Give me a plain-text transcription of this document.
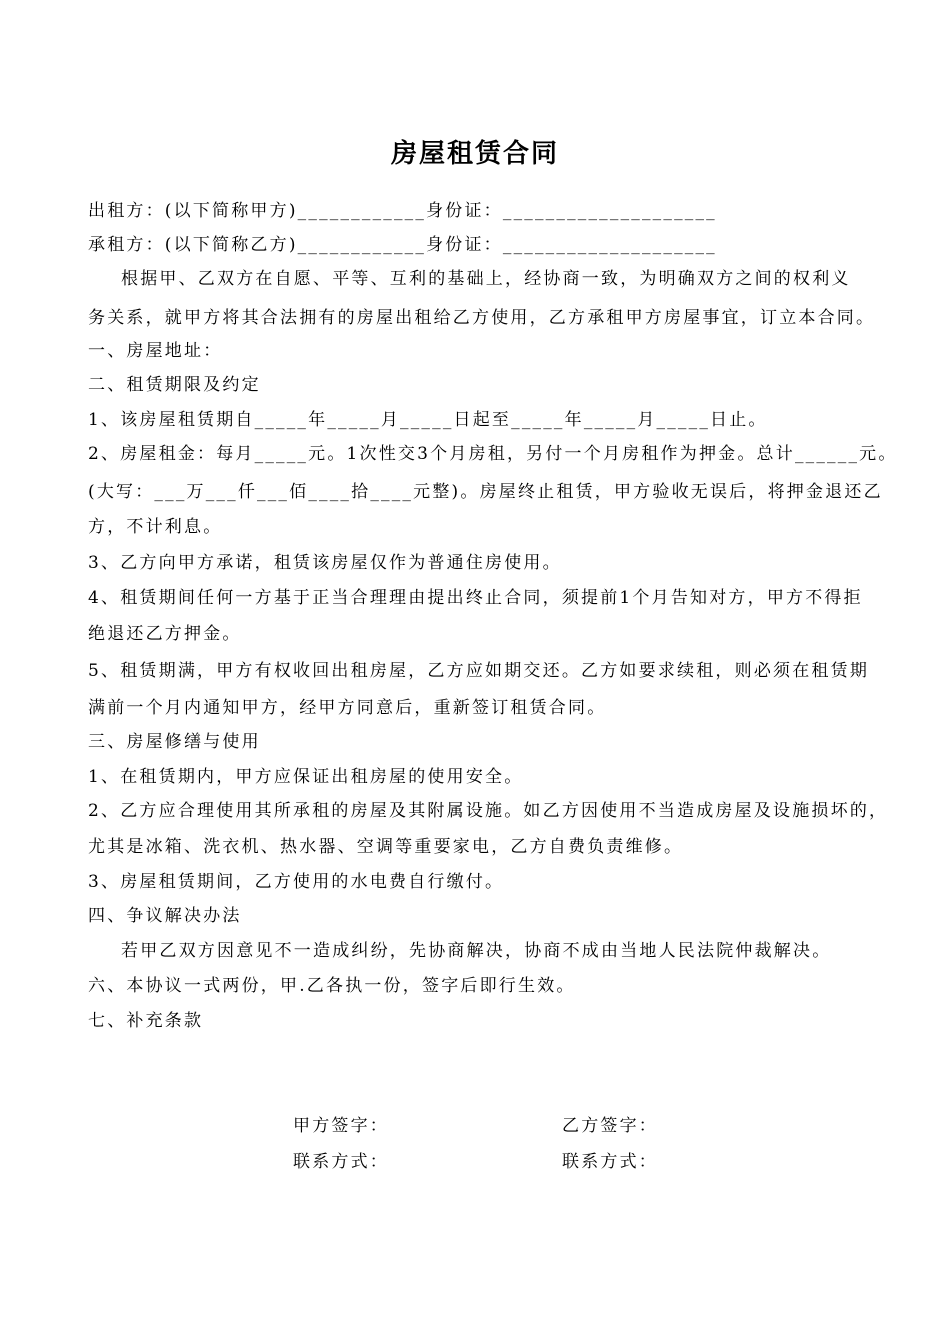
房屋租赁合同
出租方：(以下简称甲方)____________身份证：____________________
承租方：(以下简称乙方)____________身份证：____________________
根据甲、乙双方在自愿、平等、互利的基础上，经协商一致，为明确双方之间的权利义
务关系，就甲方将其合法拥有的房屋出租给乙方使用，乙方承租甲方房屋事宜，订立本合同。
一、房屋地址：
二、租赁期限及约定
1、该房屋租赁期自_____年_____月_____日起至_____年_____月_____日止。
2、房屋租金：每月_____元。1次性交3个月房租，另付一个月房租作为押金。总计______元。
(大写：___万___仟___佰____拾____元整)。房屋终止租赁，甲方验收无误后，将押金退还乙
方，不计利息。
3、乙方向甲方承诺，租赁该房屋仅作为普通住房使用。
4、租赁期间任何一方基于正当合理理由提出终止合同，须提前1个月告知对方，甲方不得拒
绝退还乙方押金。
5、租赁期满，甲方有权收回出租房屋，乙方应如期交还。乙方如要求续租，则必须在租赁期
满前一个月内通知甲方，经甲方同意后，重新签订租赁合同。
三、房屋修缮与使用
1、在租赁期内，甲方应保证出租房屋的使用安全。
2、乙方应合理使用其所承租的房屋及其附属设施。如乙方因使用不当造成房屋及设施损坏的，
尤其是冰箱、洗衣机、热水器、空调等重要家电，乙方自费负责维修。
3、房屋租赁期间，乙方使用的水电费自行缴付。
四、争议解决办法
若甲乙双方因意见不一造成纠纷，先协商解决，协商不成由当地人民法院仲裁解决。
六、本协议一式两份，甲.乙各执一份，签字后即行生效。
七、补充条款
甲方签字：	乙方签字：
联系方式：	联系方式：
